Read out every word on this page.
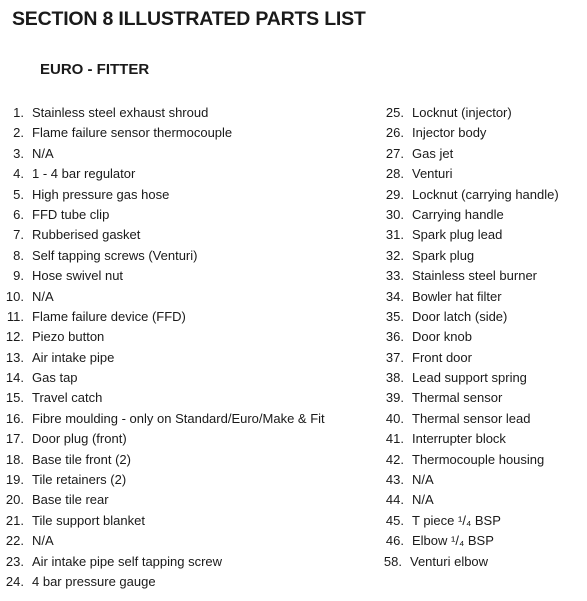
SECTION 8 ILLUSTRATED PARTS LIST
EURO - FITTER
1. Stainless steel exhaust shroud
2. Flame failure sensor thermocouple
3. N/A
4. 1 - 4 bar regulator
5. High pressure gas hose
6. FFD tube clip
7. Rubberised gasket
8. Self tapping screws (Venturi)
9. Hose swivel nut
10. N/A
11. Flame failure device (FFD)
12. Piezo button
13. Air intake pipe
14. Gas tap
15. Travel catch
16. Fibre moulding - only on Standard/Euro/Make & Fit
17. Door plug (front)
18. Base tile front (2)
19. Tile retainers (2)
20. Base tile rear
21. Tile support blanket
22. N/A
23. Air intake pipe self tapping screw
24. 4 bar pressure gauge
25. Locknut (injector)
26. Injector body
27. Gas jet
28. Venturi
29. Locknut (carrying handle)
30. Carrying handle
31. Spark plug lead
32. Spark plug
33. Stainless steel burner
34. Bowler hat filter
35. Door latch (side)
36. Door knob
37. Front door
38. Lead support spring
39. Thermal sensor
40. Thermal sensor lead
41. Interrupter block
42. Thermocouple housing
43. N/A
44. N/A
45. T piece ¹/₄ BSP
46. Elbow ¹/₄ BSP
58. Venturi elbow
